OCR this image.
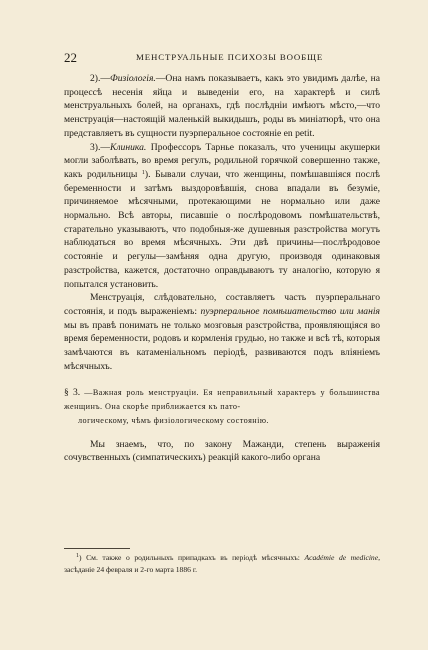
22	МЕНСТРУАЛЬНЫЕ ПСИХОЗЫ ВООБЩЕ

2).—Физіологія.—Она намъ показываетъ, какъ это увидимъ далѣе, на процессѣ несенія яйца и выведеніи его, на характерѣ и силѣ менструальныхъ болей, на органахъ, гдѣ послѣдніи имѣютъ мѣсто,—что менструація—настоящій маленькій выкидышъ, роды въ миніатюрѣ, что она представляетъ въ сущности пуэрперальное состояніе en petit.

3).—Клиника. Профессоръ Тарнье показалъ, что ученицы акушерки могли заболѣвать, во время регулъ, родильной горячкой совершенно также, какъ родильницы $^1$). Бывали случаи, что женщины, помѣшавшіяся послѣ беременности и затѣмъ выздоровѣвшія, снова впадали въ безуміе, причиняемое мѣсячными, протекающими не нормально или даже нормально. Всѣ авторы, писавшіе о послѣродовомъ помѣшательствѣ, старательно указываютъ, что подобныя-же душевныя разстройства могутъ наблюдаться во время мѣсячныхъ. Эти двѣ причины—послѣродовое состояніе и регулы—замѣняя одна другую, производя одинаковыя разстройства, кажется, достаточно оправдываютъ ту аналогію, которую я попытался установить.

Менструація, слѣдовательно, составляетъ часть пуэрперальнаго состоянія, и подъ выраженіемъ: пуэрперальное помѣшательство или манія мы въ правѣ понимать не только мозговыя разстройства, проявляющіяся во время беременности, родовъ и кормленія грудью, но также и всѣ тѣ, которыя замѣчаются въ катаменіальномъ періодѣ, развиваются подъ вліяніемъ мѣсячныхъ.

§ 3. —Важная роль менструаціи. Ея неправильный характеръ у большинства женщинъ. Она скорѣе приближается къ пато-
логическому, чѣмъ физіологическому состоянію.

Мы знаемъ, что, по закону Мажанди, степень выраженія сочувственныхъ (симпатическихъ) реакцій какого-либо органа

$^1$) См. также о родильныхъ припадкахъ въ періодѣ мѣсячныхъ: Académie de medicine, засѣданіе 24 февраля и 2-го марта 1886 г.
